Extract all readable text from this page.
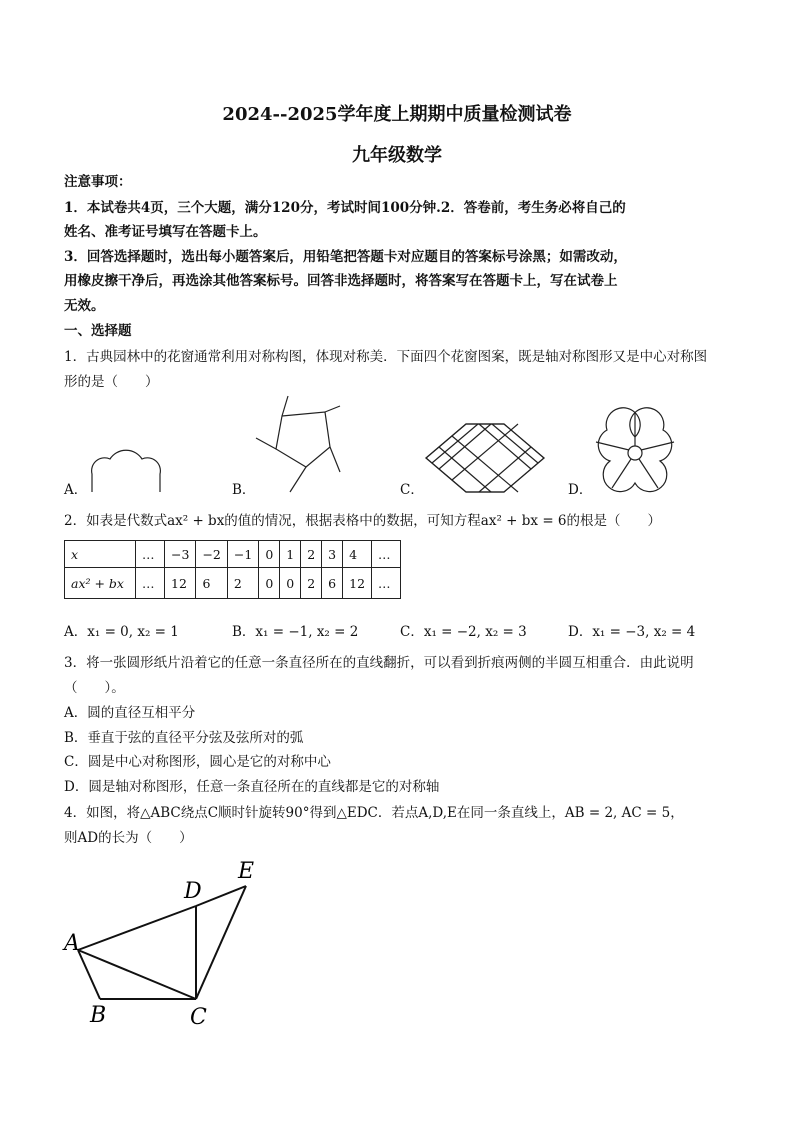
2024--2025学年度上期期中质量检测试卷
九年级数学
注意事项：
1．本试卷共4页，三个大题，满分120分，考试时间100分钟.2．答卷前，考生务必将自己的
姓名、准考证号填写在答题卡上。
3．回答选择题时，选出每小题答案后，用铅笔把答题卡对应题目的答案标号涂黑；如需改动，
用橡皮擦干净后，再选涂其他答案标号。回答非选择题时，将答案写在答题卡上，写在试卷上
无效。
一、选择题
1．古典园林中的花窗通常利用对称构图，体现对称美．下面四个花窗图案，既是轴对称图形又是中心对称图
形的是（　　）
A．	B．	C．	D．
2．如表是代数式ax² + bx的值的情况，根据表格中的数据，可知方程ax² + bx = 6的根是（　　）
x	…	−3	−2	−1	0	1	2	3	4	…
ax² + bx	…	12	6	2	0	0	2	6	12	…
A．x₁ = 0, x₂ = 1	B．x₁ = −1, x₂ = 2	C．x₁ = −2, x₂ = 3	D．x₁ = −3, x₂ = 4
3．将一张圆形纸片沿着它的任意一条直径所在的直线翻折，可以看到折痕两侧的半圆互相重合．由此说明
（　　）。
A．圆的直径互相平分
B．垂直于弦的直径平分弦及弦所对的弧
C．圆是中心对称图形，圆心是它的对称中心
D．圆是轴对称图形，任意一条直径所在的直线都是它的对称轴
4．如图，将△ABC绕点C顺时针旋转90°得到△EDC．若点A,D,E在同一条直线上，AB = 2, AC = 5，
则AD的长为（　　）
A
B	C
D
E
